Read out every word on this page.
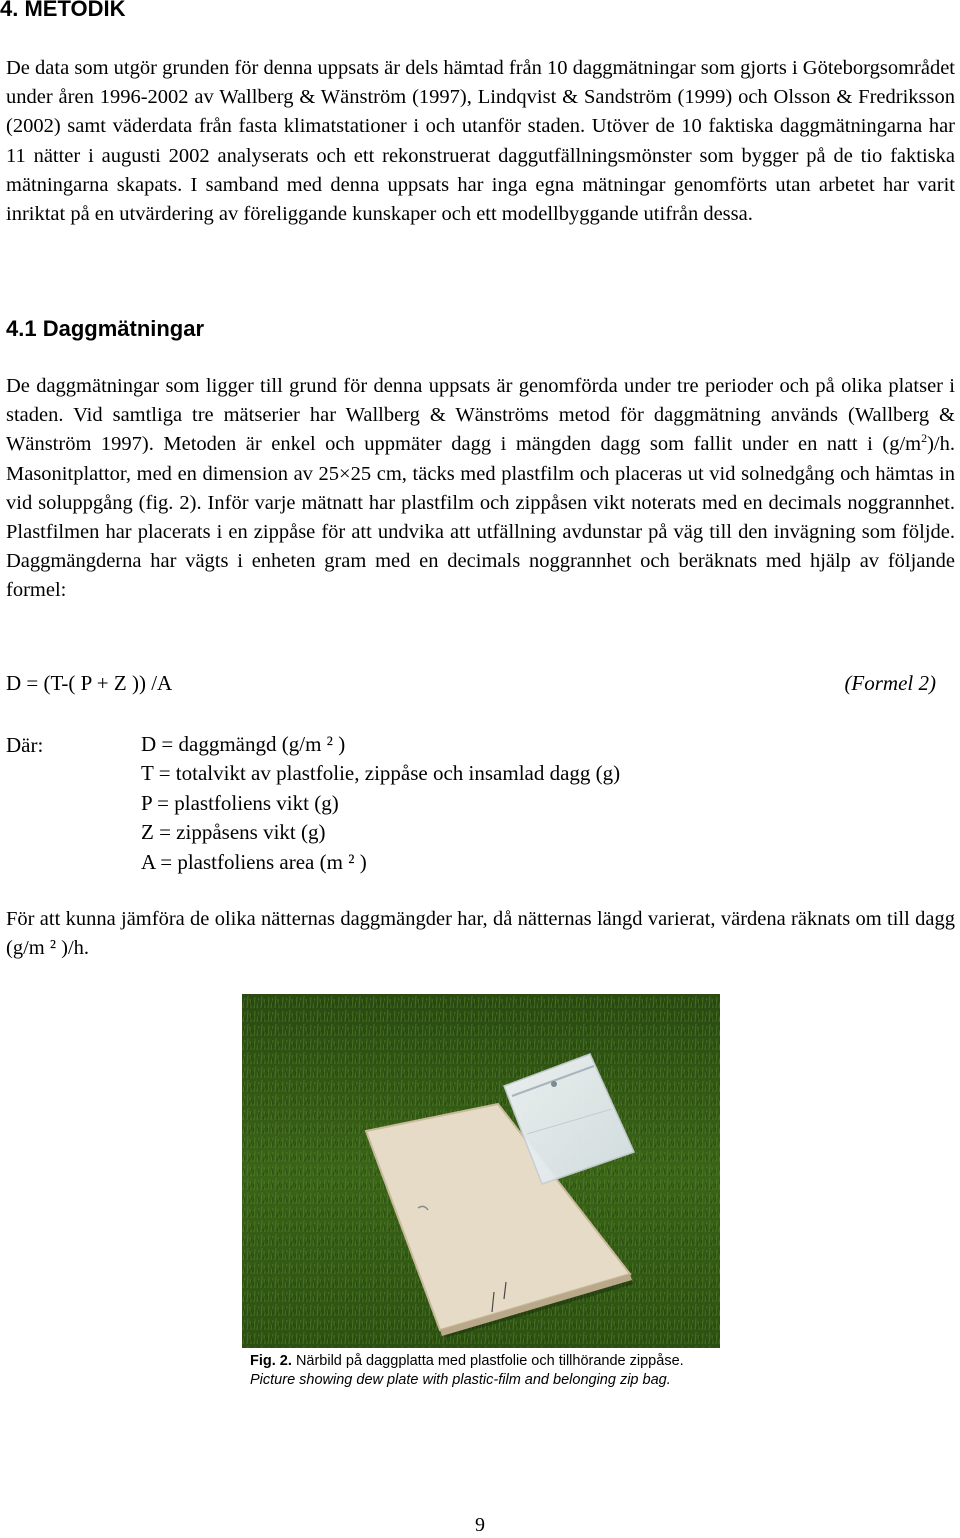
4. METODIK

De data som utgör grunden för denna uppsats är dels hämtad från 10 daggmätningar som gjorts i Göteborgsområdet under åren 1996-2002 av Wallberg & Wänström (1997), Lindqvist & Sandström (1999) och Olsson & Fredriksson (2002) samt väderdata från fasta klimatstationer i och utanför staden. Utöver de 10 faktiska daggmätningarna har 11 nätter i augusti 2002 analyserats och ett rekonstruerat daggutfällningsmönster som bygger på de tio faktiska mätningarna skapats. I samband med denna uppsats har inga egna mätningar genomförts utan arbetet har varit inriktat på en utvärdering av föreliggande kunskaper och ett modellbyggande utifrån dessa.

4.1 Daggmätningar

De daggmätningar som ligger till grund för denna uppsats är genomförda under tre perioder och på olika platser i staden. Vid samtliga tre mätserier har Wallberg & Wänströms metod för daggmätning används (Wallberg & Wänström 1997). Metoden är enkel och uppmäter dagg i mängden dagg som fallit under en natt i $(g/m^2)/h$. Masonitplattor, med en dimension av 25×25 cm, täcks med plastfilm och placeras ut vid solnedgång och hämtas in vid soluppgång (fig. 2). Inför varje mätnatt har plastfilm och zippåsen vikt noterats med en decimals noggrannhet. Plastfilmen har placerats i en zippåse för att undvika att utfällning avdunstar på väg till den invägning som följde. Daggmängderna har vägts i enheten gram med en decimals noggrannhet och beräknats med hjälp av följande formel:

D = (T-( P + Z )) /A	(Formel 2)
Där:	D = daggmängd (g/m ² )
T = totalvikt av plastfolie, zippåse och insamlad dagg (g)
P = plastfoliens vikt (g)
Z = zippåsens vikt (g)
A = plastfoliens area (m ² )

För att kunna jämföra de olika nätternas daggmängder har, då nätternas längd varierat, värdena räknats om till dagg (g/m ² )/h.

Fig. 2. Närbild på daggplatta med plastfolie och tillhörande zippåse.
Picture showing dew plate with plastic-film and belonging zip bag.
9
